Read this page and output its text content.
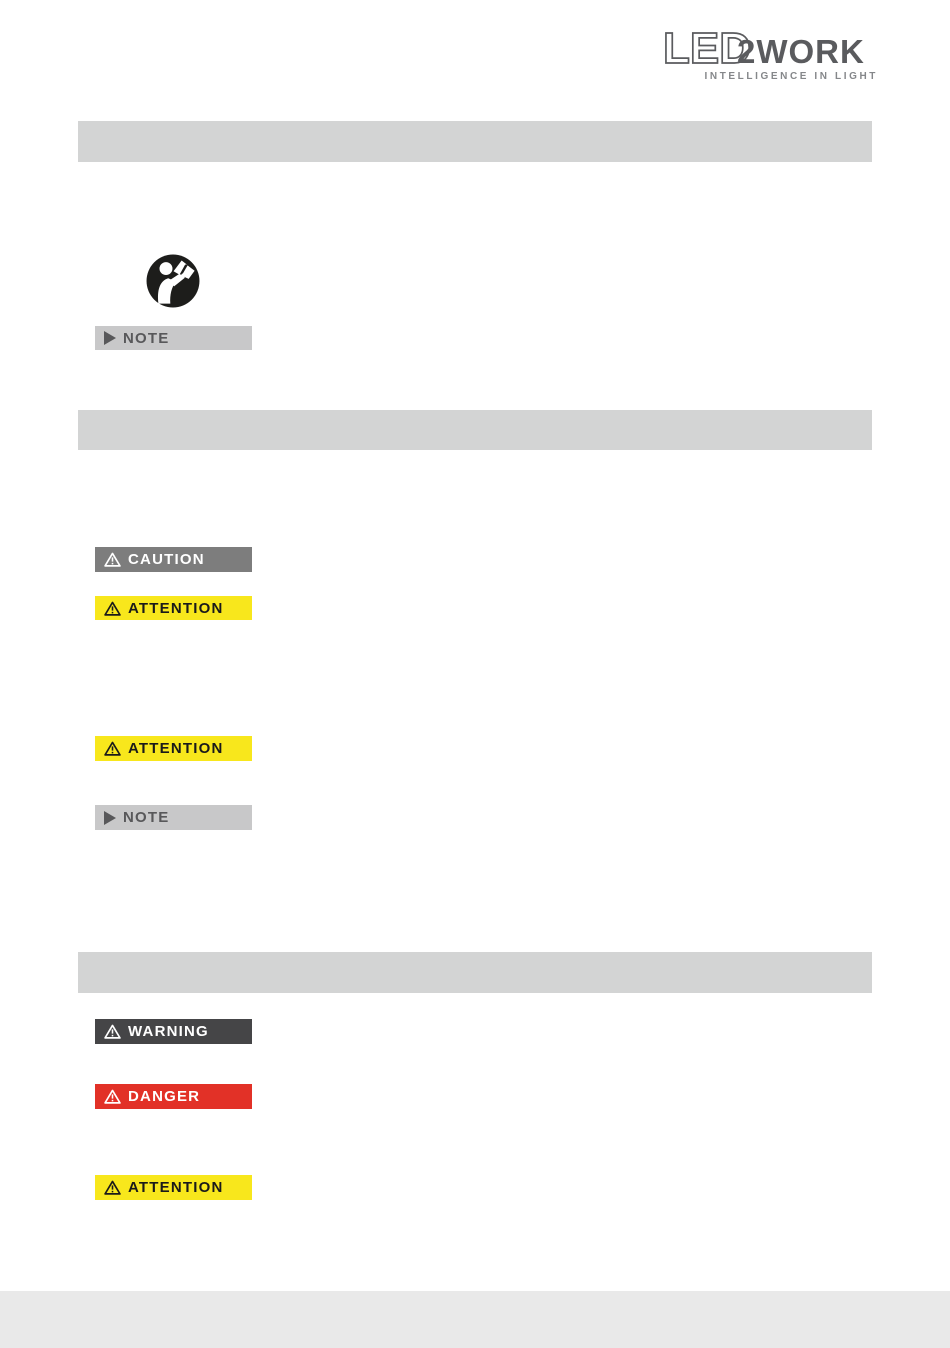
LED
2WORK
INTELLIGENCE IN LIGHT
NOTE
CAUTION
ATTENTION
ATTENTION
NOTE
WARNING
DANGER
ATTENTION
